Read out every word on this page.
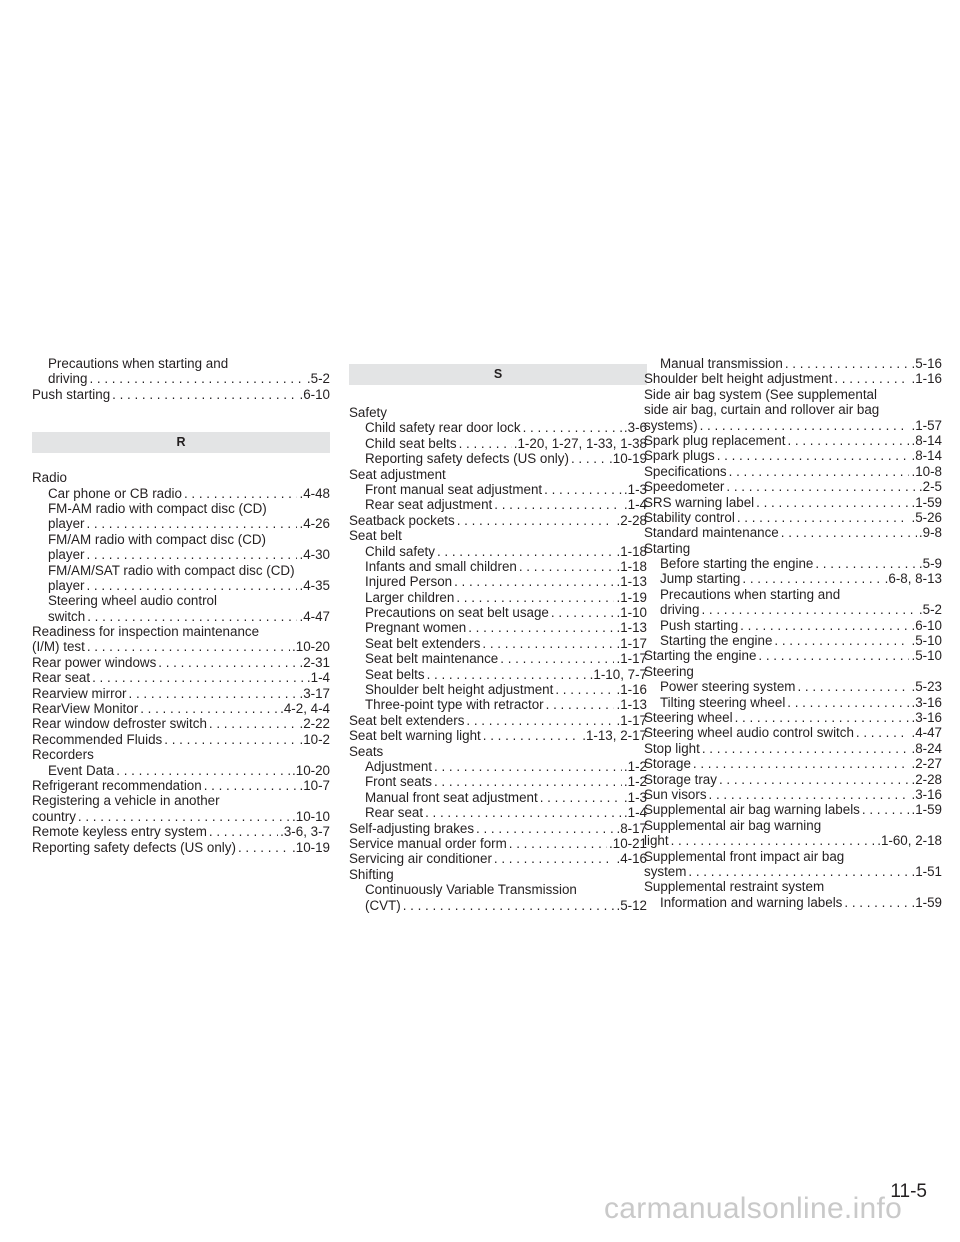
Precautions when starting and
driving . . .	.5-2
Push starting . . .	.6-10
R
Radio
Car phone or CB radio . . .	.4-48
FM-AM radio with compact disc (CD)
player . . .	.4-26
FM/AM radio with compact disc (CD)
player . . .	.4-30
FM/AM/SAT radio with compact disc (CD)
player . . .	.4-35
Steering wheel audio control
switch . . .	.4-47
Readiness for inspection maintenance
(I/M) test . . .	.10-20
Rear power windows . . .	.2-31
Rear seat . . .	.1-4
Rearview mirror . . .	.3-17
RearView Monitor . . .	.4-2, 4-4
Rear window defroster switch . . .	.2-22
Recommended Fluids . . .	.10-2
Recorders
Event Data . . .	.10-20
Refrigerant recommendation . . .	.10-7
Registering a vehicle in another
country . . .	.10-10
Remote keyless entry system . . .	.3-6, 3-7
Reporting safety defects (US only) . . .	.10-19
S
Safety
Child safety rear door lock . . .	.3-6
Child seat belts . . .	.1-20, 1-27, 1-33, 1-38
Reporting safety defects (US only) . . .	.10-19
Seat adjustment
Front manual seat adjustment . . .	.1-3
Rear seat adjustment . . .	.1-4
Seatback pockets . . .	.2-28
Seat belt
Child safety . . .	.1-18
Infants and small children . . .	.1-18
Injured Person . . .	.1-13
Larger children . . .	.1-19
Precautions on seat belt usage . . .	.1-10
Pregnant women . . .	.1-13
Seat belt extenders . . .	.1-17
Seat belt maintenance . . .	.1-17
Seat belts . . .	.1-10, 7-7
Shoulder belt height adjustment . . .	.1-16
Three-point type with retractor . . .	.1-13
Seat belt extenders . . .	.1-17
Seat belt warning light . . .	.1-13, 2-17
Seats
Adjustment . . .	.1-2
Front seats . . .	.1-2
Manual front seat adjustment . . .	.1-3
Rear seat . . .	.1-4
Self-adjusting brakes . . .	.8-17
Service manual order form . . .	.10-21
Servicing air conditioner . . .	.4-16
Shifting
Continuously Variable Transmission
(CVT) . . .	.5-12
Manual transmission . . .	.5-16
Shoulder belt height adjustment . . .	.1-16
Side air bag system (See supplemental
side air bag, curtain and rollover air bag
systems) . . .	.1-57
Spark plug replacement . . .	.8-14
Spark plugs . . .	.8-14
Specifications . . .	.10-8
Speedometer . . .	.2-5
SRS warning label . . .	.1-59
Stability control . . .	.5-26
Standard maintenance . . .	.9-8
Starting
Before starting the engine . . .	.5-9
Jump starting . . .	.6-8, 8-13
Precautions when starting and
driving . . .	.5-2
Push starting . . .	.6-10
Starting the engine . . .	.5-10
Starting the engine . . .	.5-10
Steering
Power steering system . . .	.5-23
Tilting steering wheel . . .	.3-16
Steering wheel . . .	.3-16
Steering wheel audio control switch . . .	.4-47
Stop light . . .	.8-24
Storage . . .	.2-27
Storage tray . . .	.2-28
Sun visors . . .	.3-16
Supplemental air bag warning labels . . .	.1-59
Supplemental air bag warning
light . . .	.1-60, 2-18
Supplemental front impact air bag
system . . .	.1-51
Supplemental restraint system
Information and warning labels . . .	.1-59
11-5
carmanualsonline.info
